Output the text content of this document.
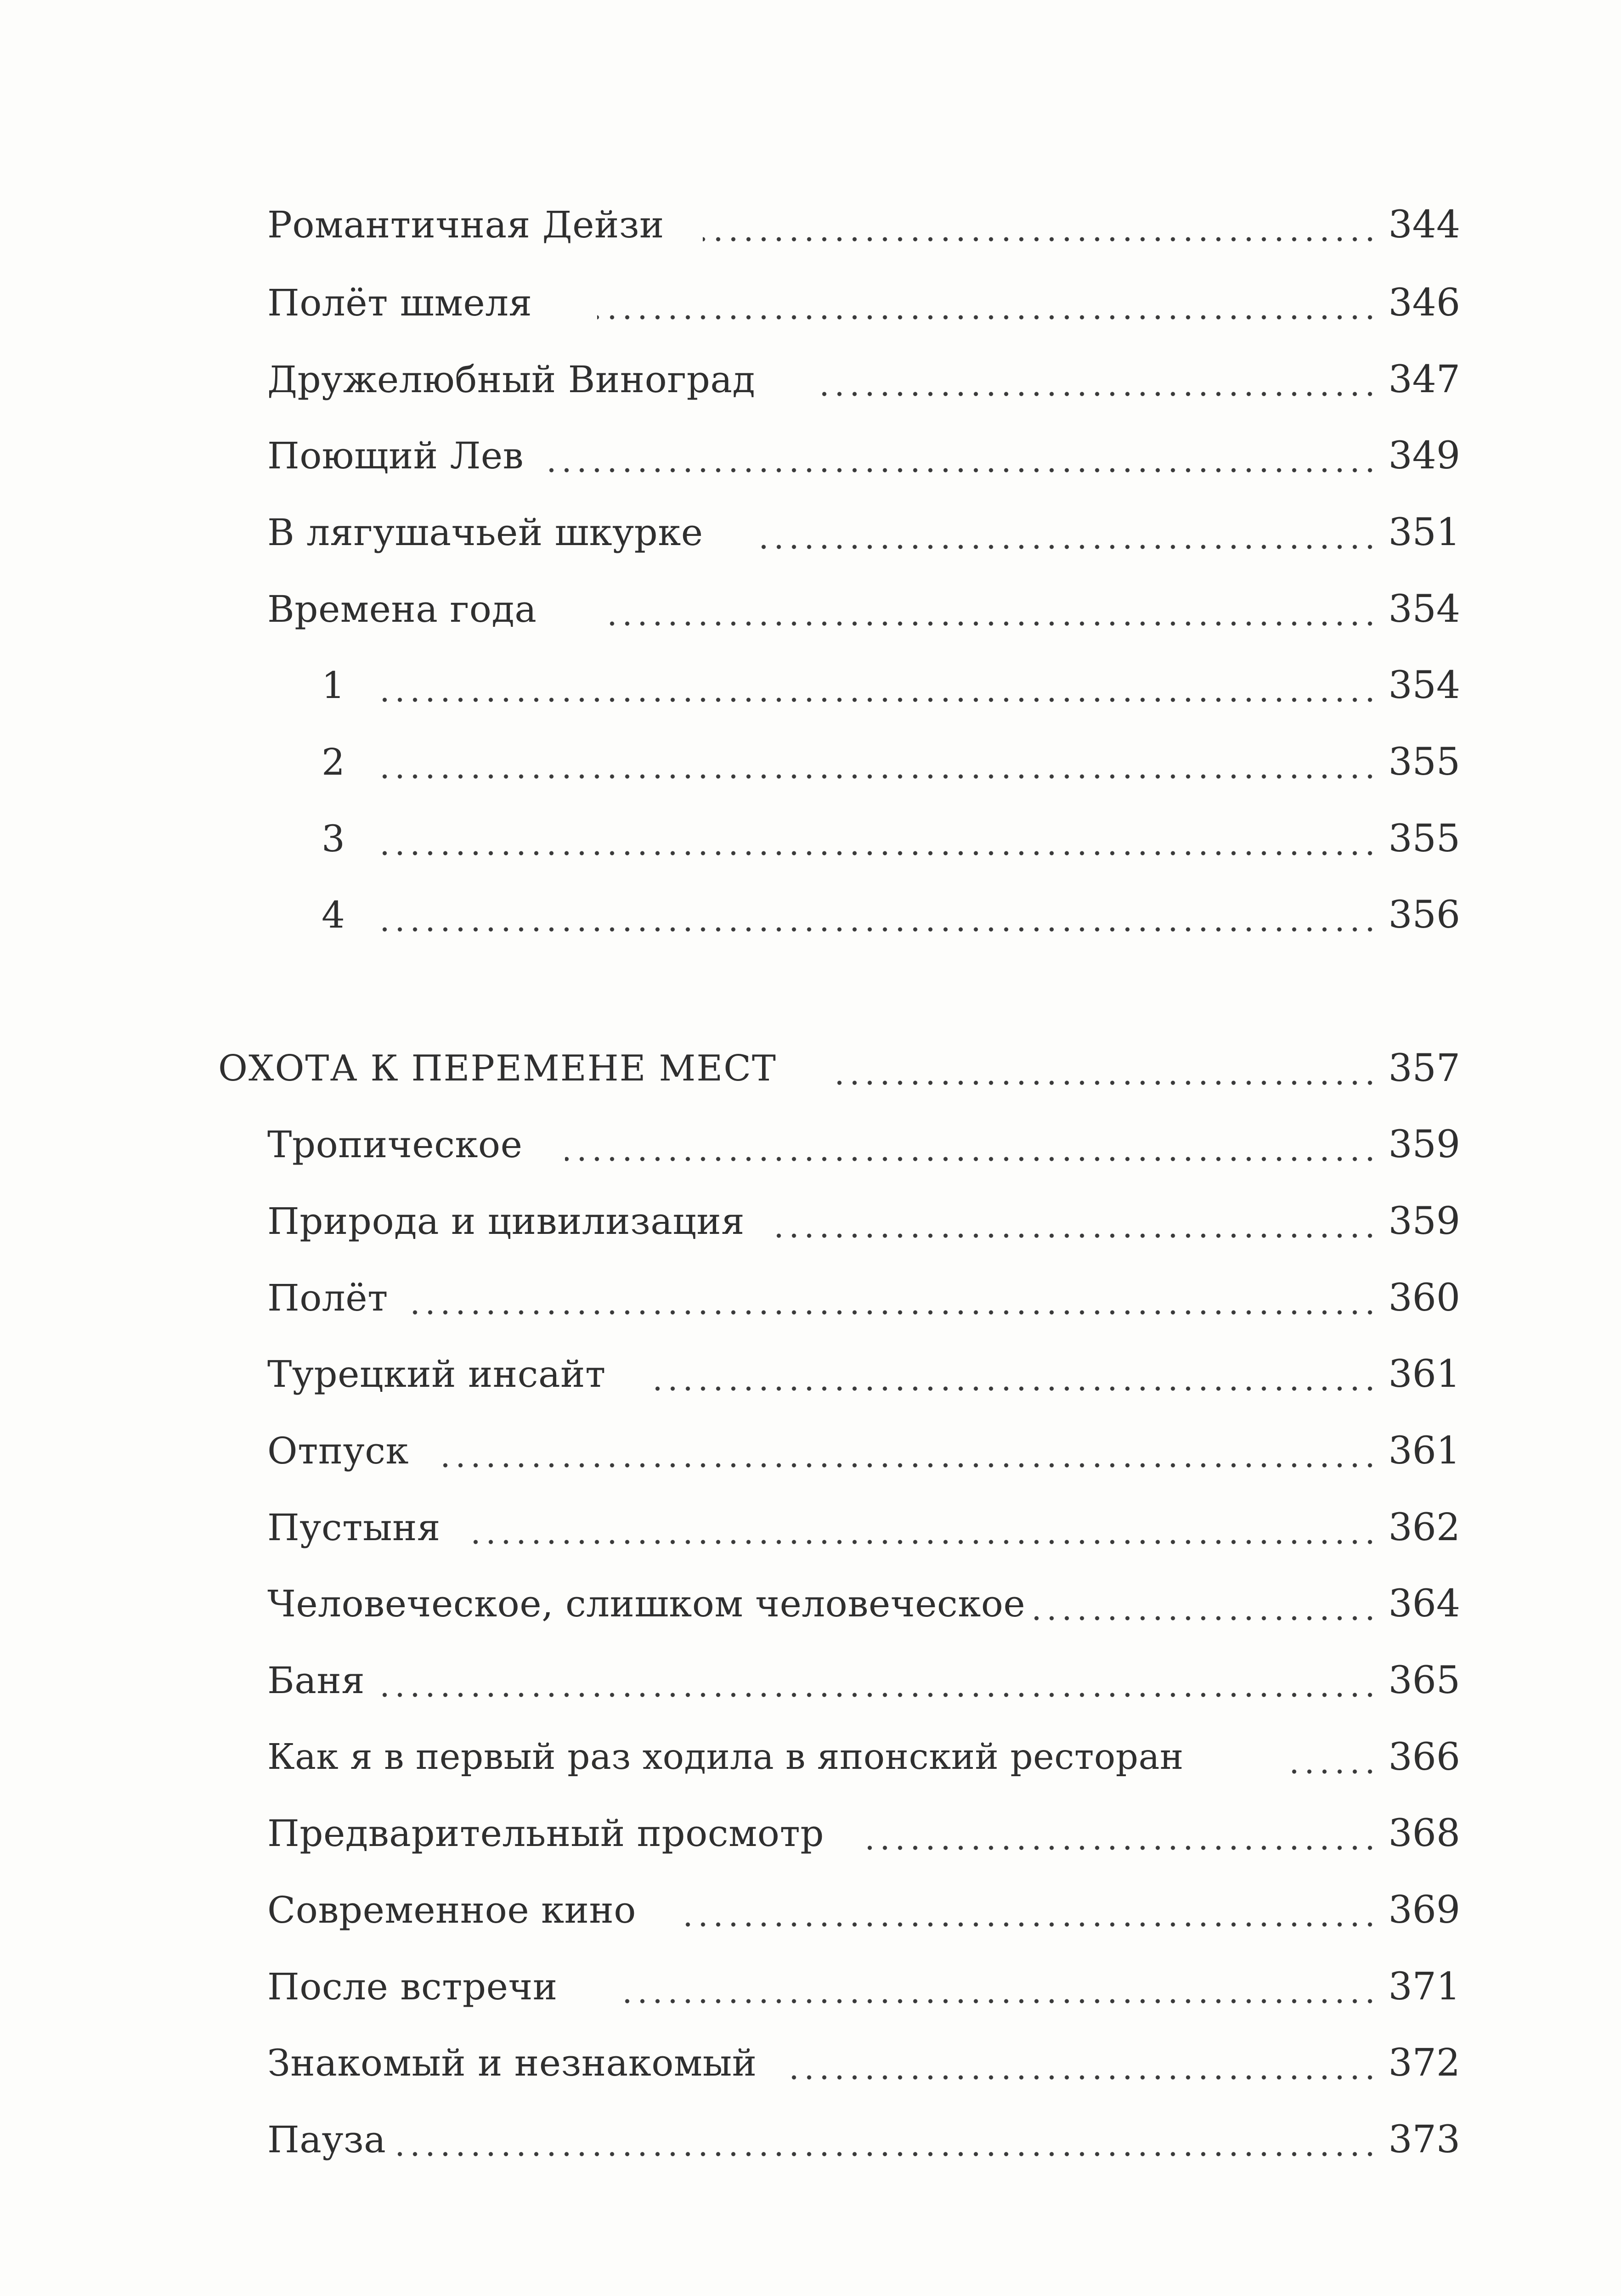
Романтичная Дейзи	344
Полёт шмеля	346
Дружелюбный Виноград	347
Поющий Лев	349
В лягушачьей шкурке	351
Времена года	354
1	354
2	355
3	355
4	356
ОХОТА К ПЕРЕМЕНЕ МЕСТ	357
Тропическое	359
Природа и цивилизация	359
Полёт	360
Турецкий инсайт	361
Отпуск	361
Пустыня	362
Человеческое, слишком человеческое	364
Баня	365
Как я в первый раз ходила в японский ресторан	366
Предварительный просмотр	368
Современное кино	369
После встречи	371
Знакомый и незнакомый	372
Пауза	373
